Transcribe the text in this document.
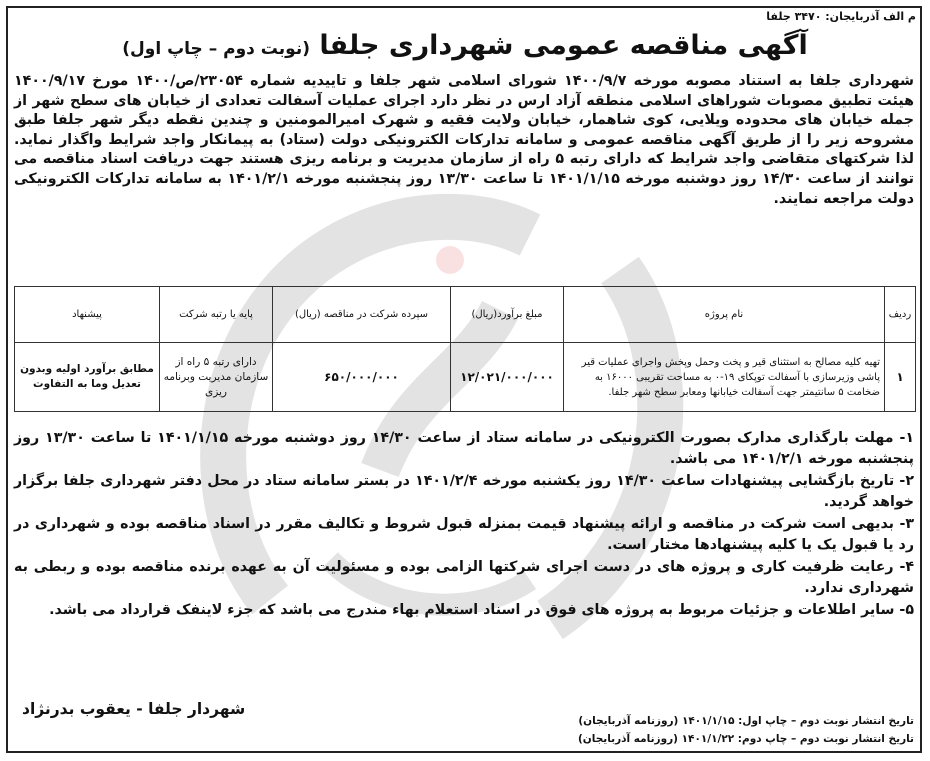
م الف آذربایجان: ۳۴۷۰ جلفا
آگهی مناقصه عمومی شهرداری جلفا (نوبت دوم – چاپ اول)
شهرداری جلفا به استناد مصوبه مورخه ۱۴۰۰/۹/۷ شورای اسلامی شهر جلفا و تاییدیه شماره ۲۳۰۵۴/ص/۱۴۰۰ مورخ ۱۴۰۰/۹/۱۷ هیئت تطبیق مصوبات شوراهای اسلامی منطقه آزاد ارس در نظر دارد اجرای عملیات آسفالت تعدادی از خیابان های سطح شهر از جمله خیابان های محدوده ویلایی، کوی شاهمار، خیابان ولایت فقیه و شهرک امیرالمومنین و چندین نقطه دیگر شهر جلفا طبق مشروحه زیر را از طریق آگهی مناقصه عمومی و سامانه تدارکات الکترونیکی دولت (ستاد) به پیمانکار واجد شرایط واگذار نماید. لذا شرکتهای متقاضی واجد شرایط که دارای رتبه ۵ راه از سازمان مدیریت و برنامه ریزی هستند جهت دریافت اسناد مناقصه می توانند از ساعت ۱۴/۳۰ روز دوشنبه مورخه ۱۴۰۱/۱/۱۵ تا ساعت ۱۳/۳۰ روز پنجشنبه مورخه ۱۴۰۱/۲/۱ به سامانه تدارکات الکترونیکی دولت مراجعه نمایند.
ردیف	نام پروژه	مبلغ برآورد(ریال)	سپرده شرکت در مناقصه (ریال)	پایه یا رتبه شرکت	پیشنهاد
۱	تهیه کلیه مصالح به استثنای قیر و پخت وحمل وپخش واجرای عملیات قیر پاشی وزیرسازی با آسفالت توپکای ۱۹-۰ به مساحت تقریبی ۱۶۰۰۰ به ضخامت ۵ سانتیمتر جهت آسفالت خیابانها ومعابر سطح شهر جلفا.	۱۲/۰۲۱/۰۰۰/۰۰۰	۶۵۰/۰۰۰/۰۰۰	دارای رتبه ۵ راه از سازمان مدیریت وبرنامه ریزی	مطابق برآورد اولیه وبدون تعدیل وما به التفاوت

۱- مهلت بارگذاری مدارک بصورت الکترونیکی در سامانه ستاد از ساعت ۱۴/۳۰ روز دوشنبه مورخه ۱۴۰۱/۱/۱۵ تا ساعت ۱۳/۳۰ روز پنجشنبه مورخه ۱۴۰۱/۲/۱ می باشد.

۲- تاریخ بازگشایی پیشنهادات ساعت ۱۴/۳۰ روز یکشنبه مورخه ۱۴۰۱/۲/۴ در بستر سامانه ستاد در محل دفتر شهرداری جلفا برگزار خواهد گردید.

۳- بدیهی است شرکت در مناقصه و ارائه پیشنهاد قیمت بمنزله قبول شروط و تکالیف مقرر در اسناد مناقصه بوده و شهرداری در رد یا قبول یک یا کلیه پیشنهادها مختار است.

۴- رعایت ظرفیت کاری و پروژه های در دست اجرای شرکتها الزامی بوده و مسئولیت آن به عهده برنده مناقصه بوده و ربطی به شهرداری ندارد.

۵- سایر اطلاعات و جزئیات مربوط به پروژه های فوق در اسناد استعلام بهاء مندرج می باشد که جزء لاینفک قرارداد می باشد.

شهردار جلفا - یعقوب بدرنژاد
تاریخ انتشار نوبت دوم – چاپ اول: ۱۴۰۱/۱/۱۵ (روزنامه آذربایجان)
تاریخ انتشار نوبت دوم – چاپ دوم: ۱۴۰۱/۱/۲۲ (روزنامه آذربایجان)
